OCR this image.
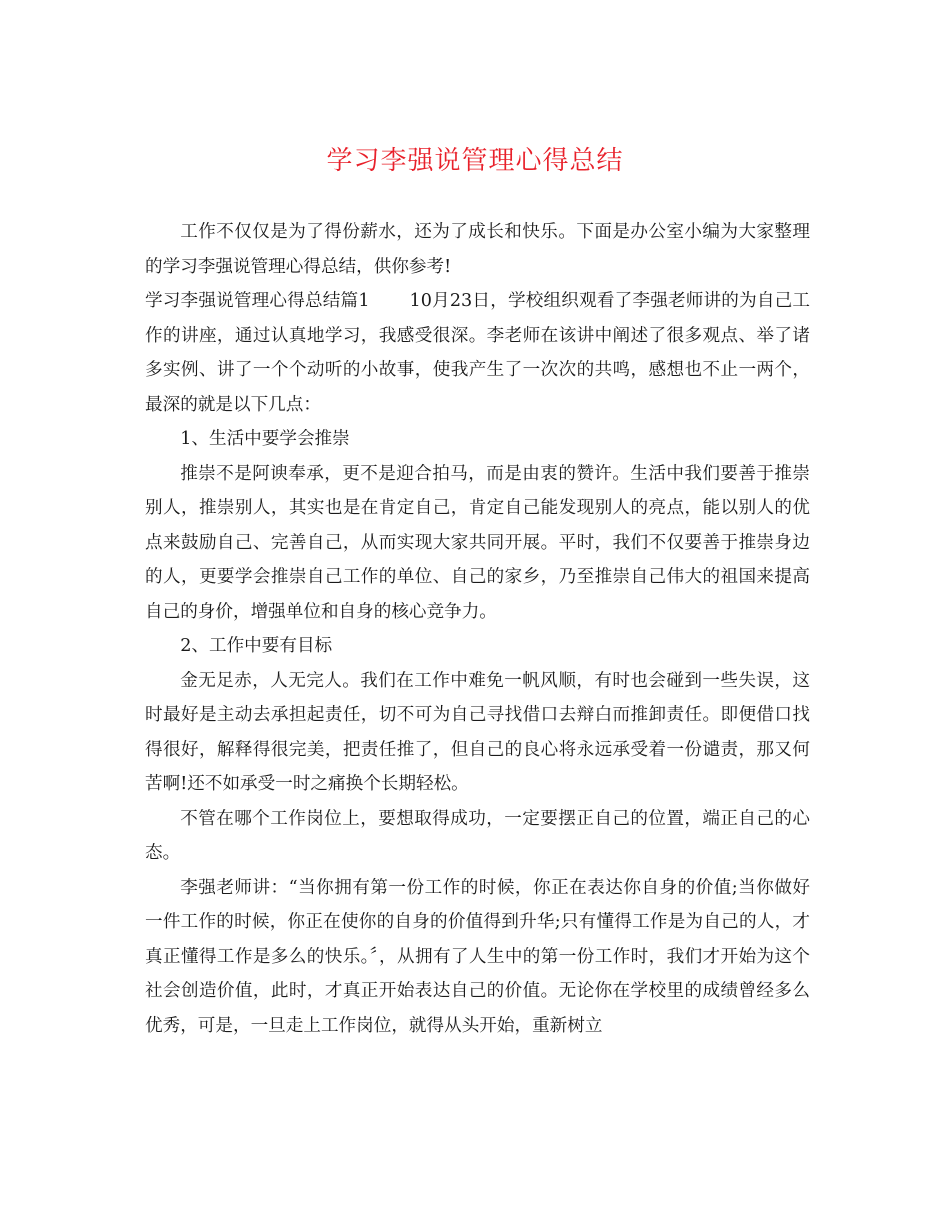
学习李强说管理心得总结

工作不仅仅是为了得份薪水，还为了成长和快乐。下面是办公室小编为大家整理的学习李强说管理心得总结，供你参考!

学习李强说管理心得总结篇1 10月23日，学校组织观看了李强老师讲的为自己工作的讲座，通过认真地学习，我感受很深。李老师在该讲中阐述了很多观点、举了诸多实例、讲了一个个动听的小故事，使我产生了一次次的共鸣，感想也不止一两个，最深的就是以下几点：

1、生活中要学会推崇

推崇不是阿谀奉承，更不是迎合拍马，而是由衷的赞许。生活中我们要善于推崇别人，推崇别人，其实也是在肯定自己，肯定自己能发现别人的亮点，能以别人的优点来鼓励自己、完善自己，从而实现大家共同开展。平时，我们不仅要善于推崇身边的人，更要学会推崇自己工作的单位、自己的家乡，乃至推崇自己伟大的祖国来提高自己的身价，增强单位和自身的核心竞争力。

2、工作中要有目标

金无足赤，人无完人。我们在工作中难免一帆风顺，有时也会碰到一些失误，这时最好是主动去承担起责任，切不可为自己寻找借口去辩白而推卸责任。即便借口找得很好，解释得很完美，把责任推了，但自己的良心将永远承受着一份谴责，那又何苦啊!还不如承受一时之痛换个长期轻松。

不管在哪个工作岗位上，要想取得成功，一定要摆正自己的位置，端正自己的心态。

李强老师讲：“当你拥有第一份工作的时候，你正在表达你自身的价值;当你做好一件工作的时候，你正在使你的自身的价值得到升华;只有懂得工作是为自己的人，才真正懂得工作是多么的快乐。〞，从拥有了人生中的第一份工作时，我们才开始为这个社会创造价值，此时，才真正开始表达自己的价值。无论你在学校里的成绩曾经多么优秀，可是，一旦走上工作岗位，就得从头开始，重新树立
